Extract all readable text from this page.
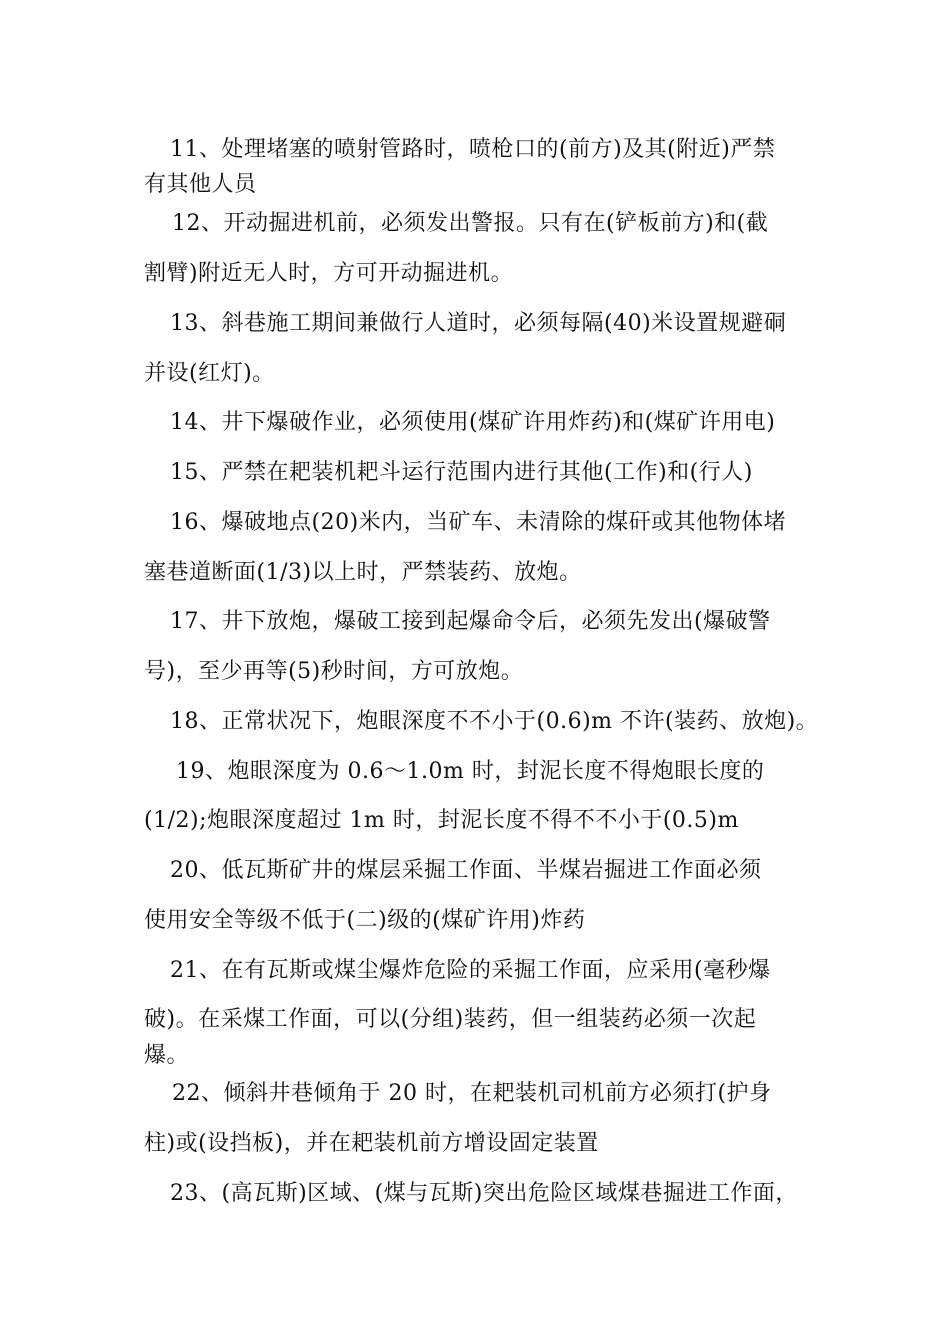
11、处理堵塞的喷射管路时，喷枪口的(前方)及其(附近)严禁
有其他人员
12、开动掘进机前，必须发出警报。只有在(铲板前方)和(截
割臂)附近无人时，方可开动掘进机。
13、斜巷施工期间兼做行人道时，必须每隔(40)米设置规避硐
并设(红灯)。
14、井下爆破作业，必须使用(煤矿许用炸药)和(煤矿许用电)
15、严禁在耙装机耙斗运行范围内进行其他(工作)和(行人)
16、爆破地点(20)米内，当矿车、未清除的煤矸或其他物体堵
塞巷道断面(1/3)以上时，严禁装药、放炮。
17、井下放炮，爆破工接到起爆命令后，必须先发出(爆破警
号)，至少再等(5)秒时间，方可放炮。
18、正常状况下，炮眼深度不不小于(0.6)m 不许(装药、放炮)。
19、炮眼深度为 0.6～1.0m 时，封泥长度不得炮眼长度的
(1/2);炮眼深度超过 1m 时，封泥长度不得不不小于(0.5)m
20、低瓦斯矿井的煤层采掘工作面、半煤岩掘进工作面必须
使用安全等级不低于(二)级的(煤矿许用)炸药
21、在有瓦斯或煤尘爆炸危险的采掘工作面，应采用(毫秒爆
破)。在采煤工作面，可以(分组)装药，但一组装药必须一次起
爆。
22、倾斜井巷倾角于 20 时，在耙装机司机前方必须打(护身
柱)或(设挡板)，并在耙装机前方增设固定装置
23、(高瓦斯)区域、(煤与瓦斯)突出危险区域煤巷掘进工作面，
